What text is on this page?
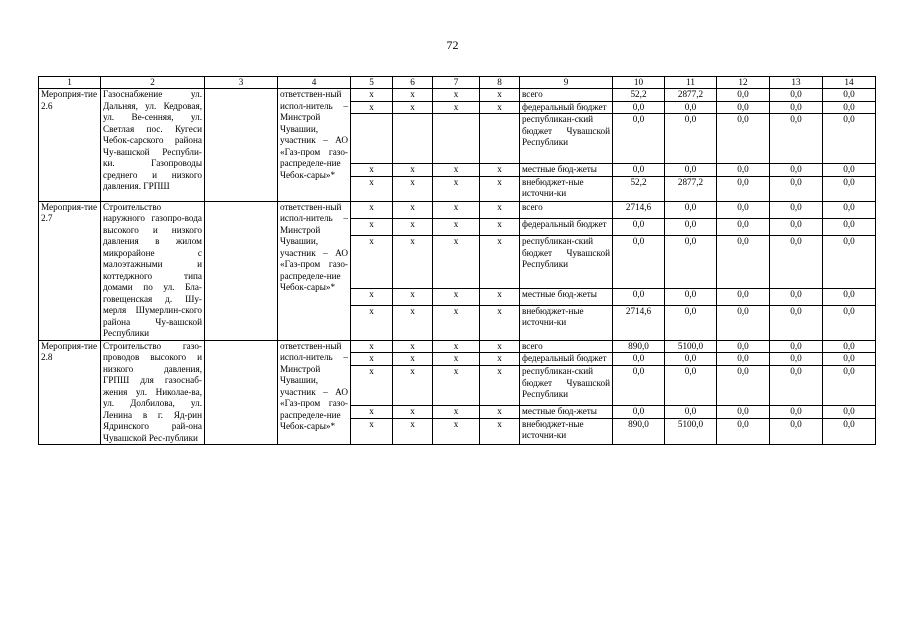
72
1	2	3	4	5	6	7	8	9	10	11	12	13	14
Мероприя-тие 2.6	Газоснабжение ул. Дальняя, ул. Кедровая, ул. Ве-сенняя, ул. Светлая пос. Кугеси Чебок-сарского района Чу-вашской Республи-ки. Газопроводы среднего и низкого давления. ГРПШ		ответствен-ный испол-нитель – Минстрой Чувашии, участник – АО «Газ-пром газо-распределе-ние Чебок-сары»*	x	x	x	x	всего	52,2	2877,2	0,0	0,0	0,0
				x	x	x	x	федеральный бюджет	0,0	0,0	0,0	0,0	0,0
								республикан-ский бюджет Чувашской Республики	0,0	0,0	0,0	0,0	0,0
				x	x	x	x	местные бюд-жеты	0,0	0,0	0,0	0,0	0,0
				x	x	x	x	внебюджет-ные источни-ки	52,2	2877,2	0,0	0,0	0,0
Мероприя-тие 2.7	Строительство наружного газопро-вода высокого и низкого давления в жилом микрорайоне с малоэтажными и коттеджного типа домами по ул. Бла-говещенская д. Шу-мерля Шумерлин-ского района Чу-вашской Республики		ответствен-ный испол-нитель – Минстрой Чувашии, участник – АО «Газ-пром газо-распределе-ние Чебок-сары»*	x	x	x	x	всего	2714,6	0,0	0,0	0,0	0,0
				x	x	x	x	федеральный бюджет	0,0	0,0	0,0	0,0	0,0
				x	x	x	x	республикан-ский бюджет Чувашской Республики	0,0	0,0	0,0	0,0	0,0
				x	x	x	x	местные бюд-жеты	0,0	0,0	0,0	0,0	0,0
				x	x	x	x	внебюджет-ные источни-ки	2714,6	0,0	0,0	0,0	0,0
Мероприя-тие 2.8	Строительство газо-проводов высокого и низкого давления, ГРПШ для газоснаб-жения ул. Николае-ва, ул. Долбилова, ул. Ленина в г. Яд-рин Ядринского рай-она Чувашской Рес-публики		ответствен-ный испол-нитель – Минстрой Чувашии, участник – АО «Газ-пром газо-распределе-ние Чебок-сары»*	x	x	x	x	всего	890,0	5100,0	0,0	0,0	0,0
				x	x	x	x	федеральный бюджет	0,0	0,0	0,0	0,0	0,0
				x	x	x	x	республикан-ский бюджет Чувашской Республики	0,0	0,0	0,0	0,0	0,0
				x	x	x	x	местные бюд-жеты	0,0	0,0	0,0	0,0	0,0
				x	x	x	x	внебюджет-ные источни-ки	890,0	5100,0	0,0	0,0	0,0
